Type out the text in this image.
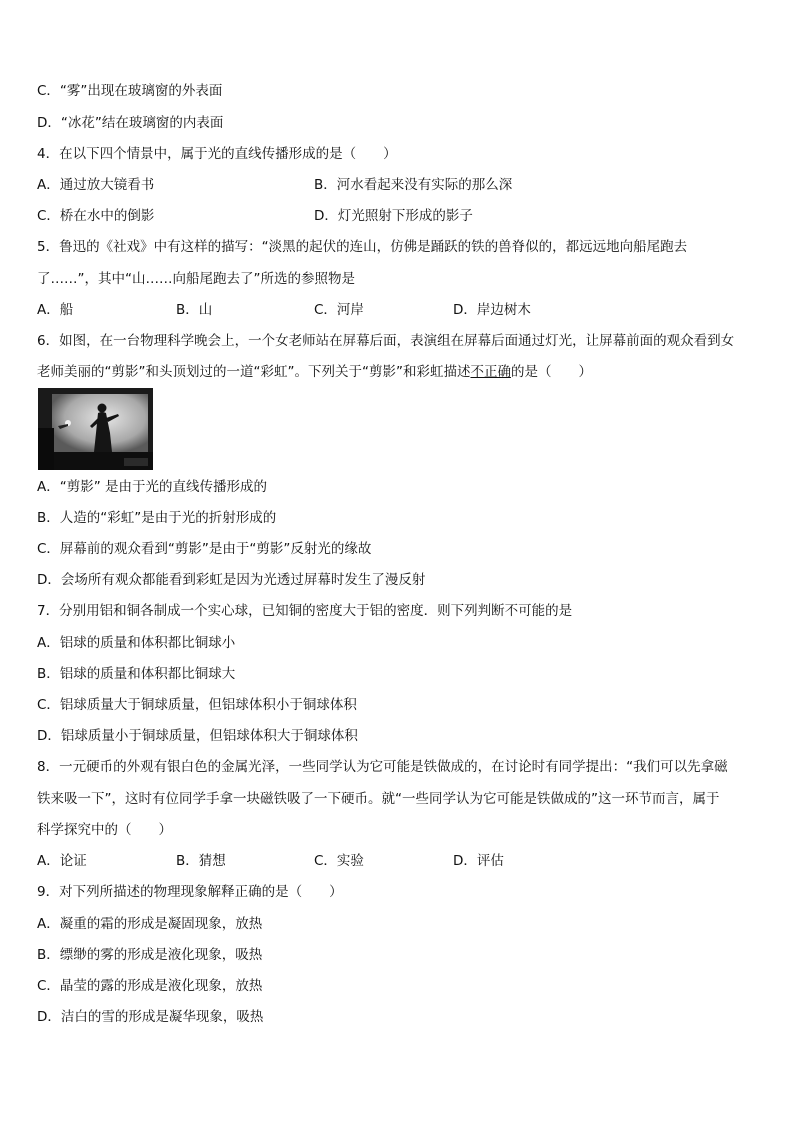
C．“雾”出现在玻璃窗的外表面
D．“冰花”结在玻璃窗的内表面
4．在以下四个情景中，属于光的直线传播形成的是（　　）
A．通过放大镜看书	B．河水看起来没有实际的那么深
C．桥在水中的倒影	D．灯光照射下形成的影子
5．鲁迅的《社戏》中有这样的描写：“淡黑的起伏的连山，仿佛是踊跃的铁的兽脊似的，都远远地向船尾跑去
了……”，其中“山……向船尾跑去了”所选的参照物是
A．船	B．山	C．河岸	D．岸边树木
6．如图，在一台物理科学晚会上，一个女老师站在屏幕后面，表演组在屏幕后面通过灯光，让屏幕前面的观众看到女
老师美丽的“剪影”和头顶划过的一道“彩虹”。下列关于“剪影”和彩虹描述不正确的是（　　）
A．“剪影” 是由于光的直线传播形成的
B．人造的“彩虹”是由于光的折射形成的
C．屏幕前的观众看到“剪影”是由于“剪影”反射光的缘故
D．会场所有观众都能看到彩虹是因为光透过屏幕时发生了漫反射
7．分别用铝和铜各制成一个实心球，已知铜的密度大于铝的密度．则下列判断不可能的是
A．铝球的质量和体积都比铜球小
B．铝球的质量和体积都比铜球大
C．铝球质量大于铜球质量，但铝球体积小于铜球体积
D．铝球质量小于铜球质量，但铝球体积大于铜球体积
8．一元硬币的外观有银白色的金属光泽，一些同学认为它可能是铁做成的，在讨论时有同学提出：“我们可以先拿磁
铁来吸一下”，这时有位同学手拿一块磁铁吸了一下硬币。就“一些同学认为它可能是铁做成的”这一环节而言，属于
科学探究中的（　　）
A．论证	B．猜想	C．实验	D．评估
9．对下列所描述的物理现象解释正确的是（　　）
A．凝重的霜的形成是凝固现象，放热
B．缥缈的雾的形成是液化现象，吸热
C．晶莹的露的形成是液化现象，放热
D．洁白的雪的形成是凝华现象，吸热
